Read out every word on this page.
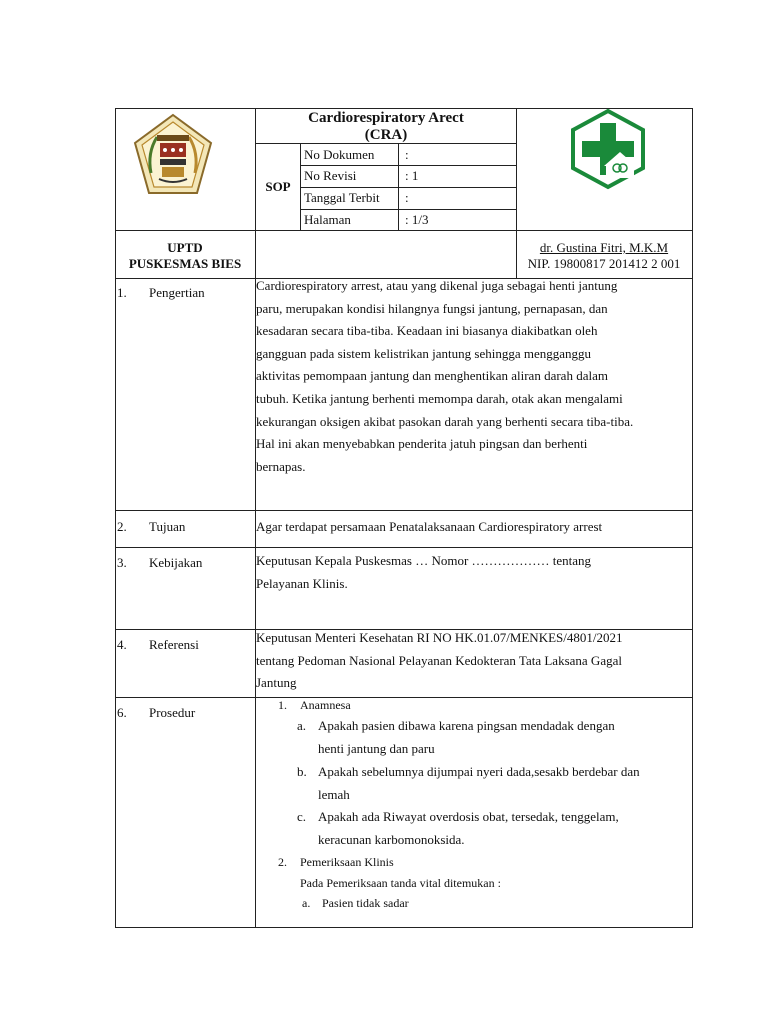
Cardiorespiratory Arect
(CRA)
SOP
No Dokumen :
No Revisi	: 1
Tanggal Terbit :
Halaman	: 1/3
UPTD
PUSKESMAS BIES
dr. Gustina Fitri, M.K.M
NIP. 19800817 201412 2 001
1. Pengertian	Cardiorespiratory arrest, atau yang dikenal juga sebagai henti jantung
paru, merupakan kondisi hilangnya fungsi jantung, pernapasan, dan
kesadaran secara tiba-tiba. Keadaan ini biasanya diakibatkan oleh
gangguan pada sistem kelistrikan jantung sehingga mengganggu
aktivitas pemompaan jantung dan menghentikan aliran darah dalam
tubuh. Ketika jantung berhenti memompa darah, otak akan mengalami
kekurangan oksigen akibat pasokan darah yang berhenti secara tiba-tiba.
Hal ini akan menyebabkan penderita jatuh pingsan dan berhenti
bernapas.
2. Tujuan	Agar terdapat persamaan Penatalaksanaan Cardiorespiratory arrest
3. Kebijakan	Keputusan Kepala Puskesmas … Nomor ……………… tentang
Pelayanan Klinis.
4. Referensi	Keputusan Menteri Kesehatan RI NO HK.01.07/MENKES/4801/2021
tentang Pedoman Nasional Pelayanan Kedokteran Tata Laksana Gagal
Jantung
6. Prosedur	1. Anamnesa
a. Apakah pasien dibawa karena pingsan mendadak dengan
henti jantung dan paru
b. Apakah sebelumnya dijumpai nyeri dada,sesakb berdebar dan
lemah
c. Apakah ada Riwayat overdosis obat, tersedak, tenggelam,
keracunan karbomonoksida.
2. Pemeriksaan Klinis
Pada Pemeriksaan tanda vital ditemukan :
a. Pasien tidak sadar
